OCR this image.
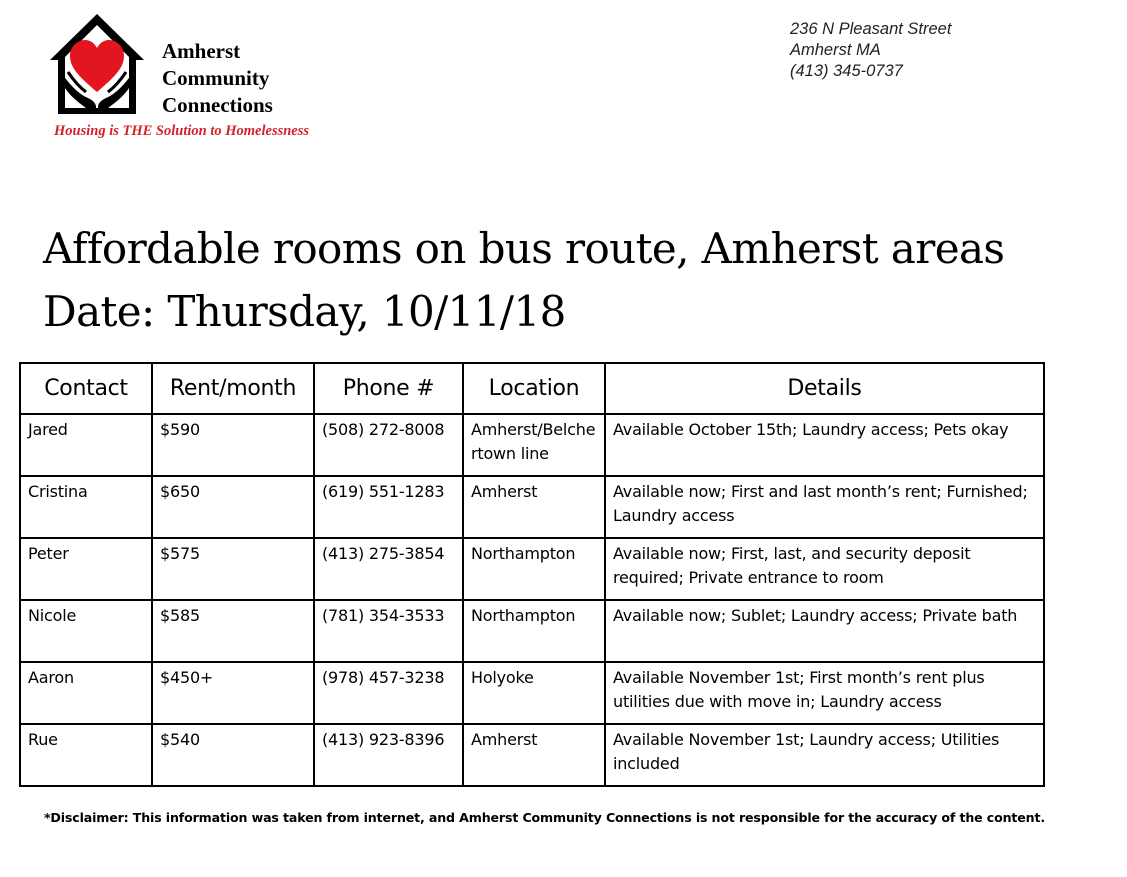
Amherst
Community
Connections
Housing is THE Solution to Homelessness
236 N Pleasant Street
Amherst MA
(413) 345-0737
Affordable rooms on bus route, Amherst areas
Date: Thursday, 10/11/18
Contact	Rent/month	Phone #	Location	Details
Jared	$590	(508) 272-8008	Amherst/Belchertown line	Available October 15th; Laundry access; Pets okay
Cristina	$650	(619) 551-1283	Amherst	Available now; First and last month’s rent; Furnished; Laundry access
Peter	$575	(413) 275-3854	Northampton	Available now; First, last, and security deposit required; Private entrance to room
Nicole	$585	(781) 354-3533	Northampton	Available now; Sublet; Laundry access; Private bath
Aaron	$450+	(978) 457-3238	Holyoke	Available November 1st; First month’s rent plus utilities due with move in; Laundry access
Rue	$540	(413) 923-8396	Amherst	Available November 1st; Laundry access; Utilities included
*Disclaimer: This information was taken from internet, and Amherst Community Connections is not responsible for the accuracy of the content.
